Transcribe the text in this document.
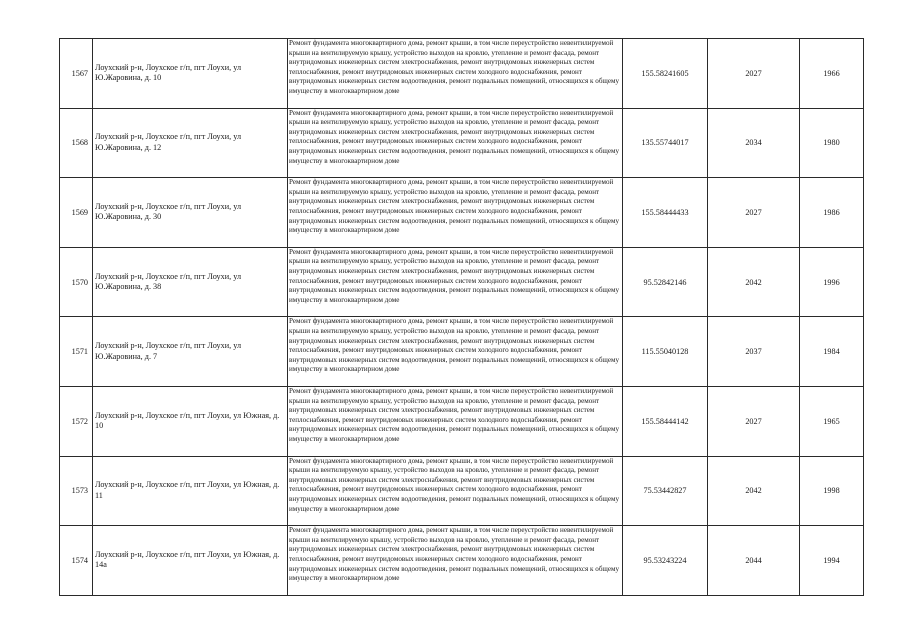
1567	Лоухский р-н, Лоухское г/п, пгт Лоухи, ул Ю.Жаровина, д. 10	Ремонт фундамента многоквартирного дома, ремонт крыши, в том числе переустройство невентилируемой крыши на вентилируемую крышу, устройство выходов на кровлю, утепление и ремонт фасада, ремонт внутридомовых инженерных систем электроснабжения, ремонт внутридомовых инженерных систем теплоснабжения, ремонт внутридомовых инженерных систем холодного водоснабжения, ремонт внутридомовых инженерных систем водоотведения, ремонт подвальных помещений, относящихся к общему имуществу в многоквартирном доме	155.58241605	2027	1966
1568	Лоухский р-н, Лоухское г/п, пгт Лоухи, ул Ю.Жаровина, д. 12	Ремонт фундамента многоквартирного дома, ремонт крыши, в том числе переустройство невентилируемой крыши на вентилируемую крышу, устройство выходов на кровлю, утепление и ремонт фасада, ремонт внутридомовых инженерных систем электроснабжения, ремонт внутридомовых инженерных систем теплоснабжения, ремонт внутридомовых инженерных систем холодного водоснабжения, ремонт внутридомовых инженерных систем водоотведения, ремонт подвальных помещений, относящихся к общему имуществу в многоквартирном доме	135.55744017	2034	1980
1569	Лоухский р-н, Лоухское г/п, пгт Лоухи, ул Ю.Жаровина, д. 30	Ремонт фундамента многоквартирного дома, ремонт крыши, в том числе переустройство невентилируемой крыши на вентилируемую крышу, устройство выходов на кровлю, утепление и ремонт фасада, ремонт внутридомовых инженерных систем электроснабжения, ремонт внутридомовых инженерных систем теплоснабжения, ремонт внутридомовых инженерных систем холодного водоснабжения, ремонт внутридомовых инженерных систем водоотведения, ремонт подвальных помещений, относящихся к общему имуществу в многоквартирном доме	155.58444433	2027	1986
1570	Лоухский р-н, Лоухское г/п, пгт Лоухи, ул Ю.Жаровина, д. 38	Ремонт фундамента многоквартирного дома, ремонт крыши, в том числе переустройство невентилируемой крыши на вентилируемую крышу, устройство выходов на кровлю, утепление и ремонт фасада, ремонт внутридомовых инженерных систем электроснабжения, ремонт внутридомовых инженерных систем теплоснабжения, ремонт внутридомовых инженерных систем холодного водоснабжения, ремонт внутридомовых инженерных систем водоотведения, ремонт подвальных помещений, относящихся к общему имуществу в многоквартирном доме	95.52842146	2042	1996
1571	Лоухский р-н, Лоухское г/п, пгт Лоухи, ул Ю.Жаровина, д. 7	Ремонт фундамента многоквартирного дома, ремонт крыши, в том числе переустройство невентилируемой крыши на вентилируемую крышу, устройство выходов на кровлю, утепление и ремонт фасада, ремонт внутридомовых инженерных систем электроснабжения, ремонт внутридомовых инженерных систем теплоснабжения, ремонт внутридомовых инженерных систем холодного водоснабжения, ремонт внутридомовых инженерных систем водоотведения, ремонт подвальных помещений, относящихся к общему имуществу в многоквартирном доме	115.55040128	2037	1984
1572	Лоухский р-н, Лоухское г/п, пгт Лоухи, ул Южная, д. 10	Ремонт фундамента многоквартирного дома, ремонт крыши, в том числе переустройство невентилируемой крыши на вентилируемую крышу, устройство выходов на кровлю, утепление и ремонт фасада, ремонт внутридомовых инженерных систем электроснабжения, ремонт внутридомовых инженерных систем теплоснабжения, ремонт внутридомовых инженерных систем холодного водоснабжения, ремонт внутридомовых инженерных систем водоотведения, ремонт подвальных помещений, относящихся к общему имуществу в многоквартирном доме	155.58444142	2027	1965
1573	Лоухский р-н, Лоухское г/п, пгт Лоухи, ул Южная, д. 11	Ремонт фундамента многоквартирного дома, ремонт крыши, в том числе переустройство невентилируемой крыши на вентилируемую крышу, устройство выходов на кровлю, утепление и ремонт фасада, ремонт внутридомовых инженерных систем электроснабжения, ремонт внутридомовых инженерных систем теплоснабжения, ремонт внутридомовых инженерных систем холодного водоснабжения, ремонт внутридомовых инженерных систем водоотведения, ремонт подвальных помещений, относящихся к общему имуществу в многоквартирном доме	75.53442827	2042	1998
1574	Лоухский р-н, Лоухское г/п, пгт Лоухи, ул Южная, д. 14а	Ремонт фундамента многоквартирного дома, ремонт крыши, в том числе переустройство невентилируемой крыши на вентилируемую крышу, устройство выходов на кровлю, утепление и ремонт фасада, ремонт внутридомовых инженерных систем электроснабжения, ремонт внутридомовых инженерных систем теплоснабжения, ремонт внутридомовых инженерных систем холодного водоснабжения, ремонт внутридомовых инженерных систем водоотведения, ремонт подвальных помещений, относящихся к общему имуществу в многоквартирном доме	95.53243224	2044	1994
